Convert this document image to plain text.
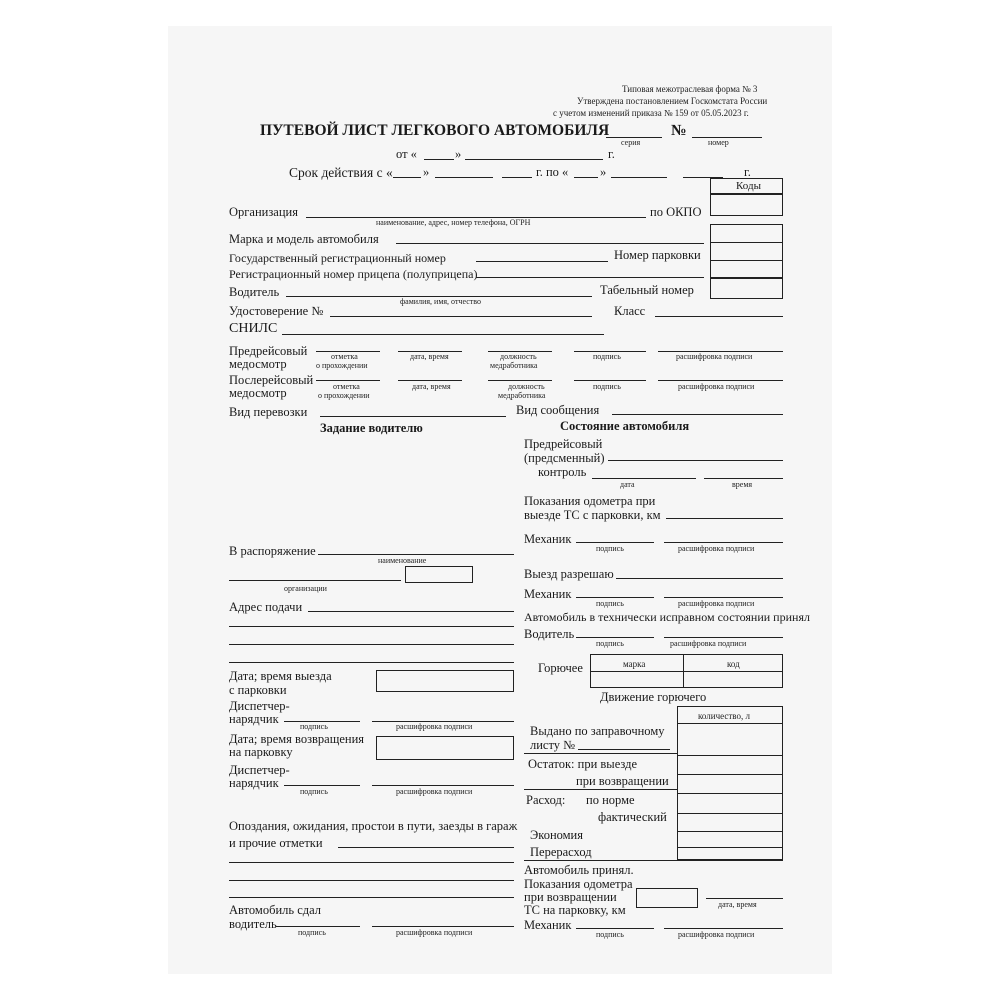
Типовая межотраслевая форма № 3
Утверждена постановлением Госкомстата России
с учетом изменений приказа № 159 от 05.05.2023 г.
ПУТЕВОЙ ЛИСТ ЛЕГКОВОГО АВТОМОБИЛЯ	№
серия	номер
от «	»	г.
Срок действия с « »	г. по «	»	г.
Коды
Организация
наименование, адрес, номер телефона, ОГРН
по ОКПО
Марка и модель автомобиля
Государственный регистрационный номер	Номер парковки
Регистрационный номер прицепа (полуприцепа)
Водитель
фамилия, имя, отчество
Табельный номер
Удостоверение №	Класс
СНИЛС
Предрейсовый
медосмотр
отметка
о прохождении
дата, время	должность
медработника
подпись	расшифровка подписи
Послерейсовый
медосмотр	отметка
о прохождении
дата, время	должность
медработника
подпись	расшифровка подписи
Вид перевозки	Вид сообщения
Задание водителю
В распоряжение
наименование
организации
Адрес подачи
Дата; время выезда
с парковки
Диспетчер-
нарядчик
подпись	расшифровка подписи
Дата; время возвращения
на парковку
Диспетчер-
нарядчик
подпись	расшифровка подписи
Опоздания, ожидания, простои в пути, заезды в гараж
и прочие отметки
Автомобиль сдал
водитель
подпись	расшифровка подписи
Состояние автомобиля
Предрейсовый
(предсменный)
контроль
дата	время
Показания одометра при
выезде ТС с парковки, км
Механик
подпись	расшифровка подписи
Выезд разрешаю
Механик
подпись	расшифровка подписи
Автомобиль в технически исправном состоянии принял
Водитель
подпись	расшифровка подписи
Горючее	марка	код
Движение горючего
количество, л
Выдано по заправочному
листу №
Остаток: при выезде
при возвращении
Расход: по норме
фактический
Экономия
Перерасход
Автомобиль принял.
Показания одометра
при возвращении
ТС на парковку, км	дата, время
Механик
подпись	расшифровка подписи
